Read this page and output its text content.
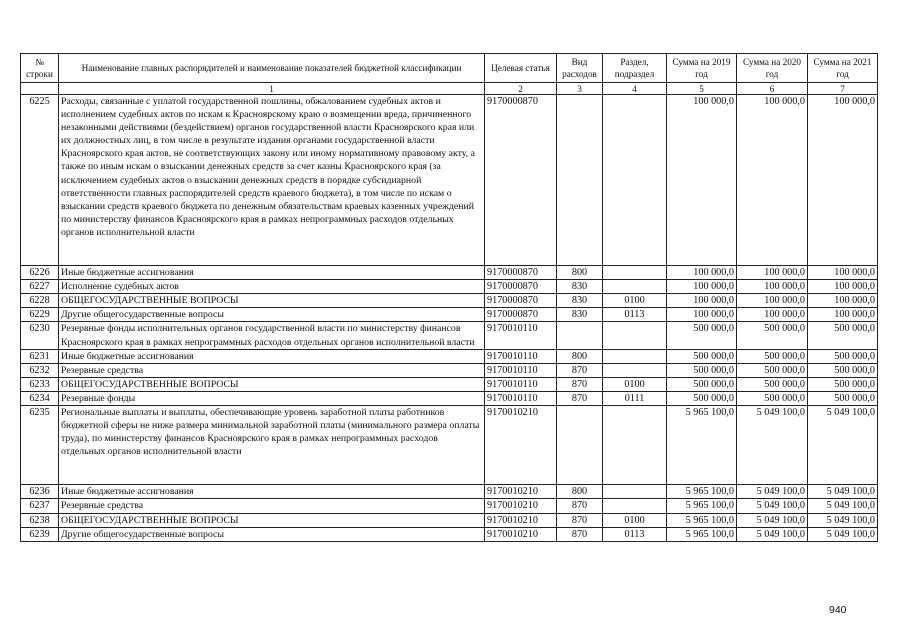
№ строки	Наименование главных распорядителей и наименование показателей бюджетной классификации	Целевая статья	Вид расходов	Раздел, подраздел	Сумма на 2019 год	Сумма на 2020 год	Сумма на 2021 год
	1	2	3	4	5	6	7
6225	Расходы, связанные с уплатой государственной пошлины, обжалованием судебных актов и исполнением судебных актов по искам к Красноярскому краю о возмещении вреда, причиненного незаконными действиями (бездействием) органов государственной власти Красноярского края или их должностных лиц, в том числе в результате издания органами государственной власти Красноярского края актов, не соответствующих закону или иному нормативному правовому акту, а также по иным искам о взыскании денежных средств за счет казны Красноярского края (за исключением судебных актов о взыскании денежных средств в порядке субсидиарной ответственности главных распорядителей средств краевого бюджета), в том числе по искам о взыскании средств краевого бюджета по денежным обязательствам краевых казенных учреждений по министерству финансов Красноярского края в рамках непрограммных расходов отдельных органов исполнительной власти	9170000870			100 000,0	100 000,0	100 000,0
6226	Иные бюджетные ассигнования	9170000870	800		100 000,0	100 000,0	100 000,0
6227	Исполнение судебных актов	9170000870	830		100 000,0	100 000,0	100 000,0
6228	ОБЩЕГОСУДАРСТВЕННЫЕ ВОПРОСЫ	9170000870	830	0100	100 000,0	100 000,0	100 000,0
6229	Другие общегосударственные вопросы	9170000870	830	0113	100 000,0	100 000,0	100 000,0
6230	Резервные фонды исполнительных органов государственной власти по министерству финансов Красноярского края в рамках непрограммных расходов отдельных органов исполнительной власти	9170010110			500 000,0	500 000,0	500 000,0
6231	Иные бюджетные ассигнования	9170010110	800		500 000,0	500 000,0	500 000,0
6232	Резервные средства	9170010110	870		500 000,0	500 000,0	500 000,0
6233	ОБЩЕГОСУДАРСТВЕННЫЕ ВОПРОСЫ	9170010110	870	0100	500 000,0	500 000,0	500 000,0
6234	Резервные фонды	9170010110	870	0111	500 000,0	500 000,0	500 000,0
6235	Региональные выплаты и выплаты, обеспечивающие уровень заработной платы работников бюджетной сферы не ниже размера минимальной заработной платы (минимального размера оплаты труда), по министерству финансов Красноярского края в рамках непрограммных расходов отдельных органов исполнительной власти	9170010210			5 965 100,0	5 049 100,0	5 049 100,0
6236	Иные бюджетные ассигнования	9170010210	800		5 965 100,0	5 049 100,0	5 049 100,0
6237	Резервные средства	9170010210	870		5 965 100,0	5 049 100,0	5 049 100,0
6238	ОБЩЕГОСУДАРСТВЕННЫЕ ВОПРОСЫ	9170010210	870	0100	5 965 100,0	5 049 100,0	5 049 100,0
6239	Другие общегосударственные вопросы	9170010210	870	0113	5 965 100,0	5 049 100,0	5 049 100,0
940
